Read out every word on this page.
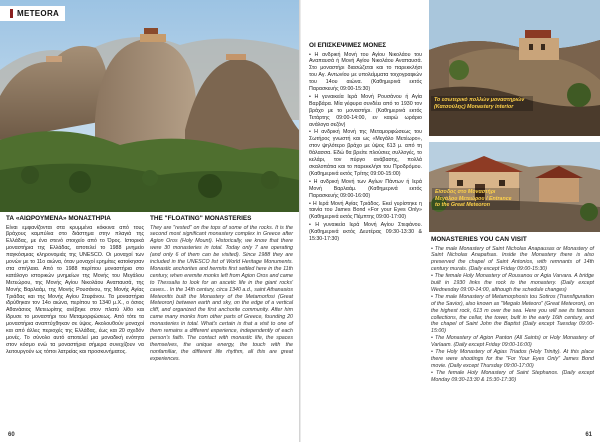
METEORA
ΤΑ «ΑΙΩΡΟΥΜΕΝΑ» ΜΟΝΑΣΤΗΡΙΑ

Είναι εμφανίζονται στα κρυμμένα κόκκινα από τους βράχους καμπύλια στο διάστημα στην πλαγιά της Ελλάδας, με ένα στενό στοιχείο από το Όρος. Ιστορικά μοναστήρια της Ελλάδας, αποτελεί το 1988 μνημείο παγκόσμιας κληρονομιάς της UNESCO. Οι μοναχοί των μονών με το 11ο αιώνα, όταν μοναχοί ερημίτες κατοίκησαν στα σπήλαια. Από το 1988 περίπου μοναστήρια στο κατάλογο ιστορικών μνημείων της Μονής του Μεγάλου Μετεώρου, της Μονής Αγίου Νικολάου Αναπαυσά, της Μονής Βαρλαάμ, της Μονής Ρουσάνου, της Μονής Αγίας Τριάδας και της Μονής Αγίου Στεφάνου. Τα μοναστήρια ιδρύθηκαν τον 14ο αιώνα, περίπου το 1340 μ.Χ., ο όσιος Αθανάσιος Μετεωρίτης ανέβηκε στον πλατύ λίθο και ίδρυσε το μοναστήρι του Μεταμορφώσεως. Από τότε τα μοναστήρια αναπτύχθηκαν σε ύψος. Ακολουθούν μοναχοί και από άλλες περιοχές της Ελλάδας, έως και 20 σχεδόν μονές. Το σύνολο αυτό αποτελεί μια μοναδική ενότητα στον κόσμο ενώ τα μοναστήρια σήμερα συνεχίζουν να λειτουργούν ως τόποι λατρείας και προσκυνήματος.

THE "FLOATING" MONASTERIES

They are "rested" on the tops of some of the rocks. It is the second most significant monastery complex in Greece after Agion Oros (Holy Mount). Historically, we know that there were 30 monasteries in total. Today only 7 are operating (and only 6 of them can be visited). Since 1988 they are included in the UNESCO list of World Heritage Monuments. Monastic anchorites and hermits first settled here in the 11th century, when eremite monks left from Agion Oros and came to Thessalia to look for an ascetic life in the giant rocks' caves... In the 14th century, circa 1340 a.d., saint Athanasios Meteoritis built the Monastery of the Metamorfosi (Great Meteoron) between earth and sky, on the edge of a vertical cliff, and organized the first anchorite community. After him came many monks from other parts of Greece, founding 20 monasteries in total. What's certain is that a visit to one of them remains a different experience, independently of each person's faith. The contact with monastic life, the spaces themselves, the unique energy, the touch with the nonfamiliar, the different life rhythm, all this are great experiences.

60
ΟΙ ΕΠΙΣΚΕΨΙΜΕΣ ΜΟΝΕΣ

• Η ανδρική Μονή του Αγίου Νικολάου του Αναπαυσά ή Μονή Αγίου Νικολάου Αναπαυσά. Στο μοναστήρι διασώζεται και το παρεκκλήσι του Αγ. Αντωνίου με υπολείμματα τοιχογραφιών του 14ου αιώνα. (Καθημερινά εκτός Παρασκευής 09:00-15:30)

• Η γυναικεία Ιερά Μονή Ρουσάνου ή Αγία Βαρβάρα. Μία γέφυρα συνδέει από το 1930 τον βράχο με το μοναστήρι. (Καθημερινά εκτός Τετάρτης 09:00-14:00, εν καιρώ ωράριο ανάλογα σεζόν)

• Η ανδρική Μονή της Μεταμορφώσεως του Σωτήρος γνωστή και ως «Μεγάλο Μετέωρο», στον ψηλότερο βράχο με ύψος 613 μ. από τη θάλασσα. Εδώ θα βρείτε πλούσιες συλλογές, το κελάρι, τον πύργο ανάβασης, πολλά σκαλοπάτια και το παρεκκλήσι του Προδρόμου. (Καθημερινά εκτός Τρίτης 09:00-15:00)

• Η ανδρική Μονή των Αγίων Πάντων ή Ιερά Μονή Βαρλαάμ. (Καθημερινά εκτός Παρασκευής 09:00-16:00)

• Η Ιερά Μονή Αγίας Τριάδος. Εκεί γυρίστηκε η ταινία του James Bond «For your Eyes Only» (Καθημερινά εκτός Πέμπτης 09:00-17:00)

• Η γυναικεία Ιερά Μονή Αγίου Στεφάνου. (Καθημερινά εκτός Δευτέρας 09:30-13:30 & 15:30-17:30)

Το εσωτερικό πολλών μοναστηριών (Κατσούλης) Monastery interior
Είσοδος στο Μοναστήρι Μεγάλου Μετεώρου / Entrance to the Great Meteoron
MONASTERIES YOU CAN VISIT

• The male Monastery of Saint Nicholas Anapausas or Monastery of Saint Nicholas Anapafsas. Inside the Monastery there is also preserved the chapel of Saint Antonios, with remnants of 14th century murals. (Daily except Friday 09:00-15:30)

• The female Holy Monastery of Rousanou or Agia Varvara. A bridge built in 1930 links the rock to the monastery. (Daily except Wednesday 09:00-14:00, although the schedule changes)

• The male Monastery of Metamorphosis tou Sotiros (Transfiguration of the Savior), also known as "Megalo Meteoro" (Great Meteoron), on the highest rock, 613 m over the sea. Here you will see its famous collections, the cellar, the tower, built in the early 16th century, and the chapel of Saint John the Baptist (Daily except Tuesday 09:00-15:00)

• The Monastery of Agion Panton (All Saints) or Holy Monastery of Varlaam. (Daily except Friday 09:00-16:00)

• The Holy Monastery of Agias Triados (Holy Trinity). At this place there were shootings for the "For Your Eyes Only" James Bond movie. (Daily except Thursday 09:00-17:00)

• The female Holy Monastery of Saint Stephanos. (Daily except Monday 09:30-13:30 & 15:30-17:30)

61
